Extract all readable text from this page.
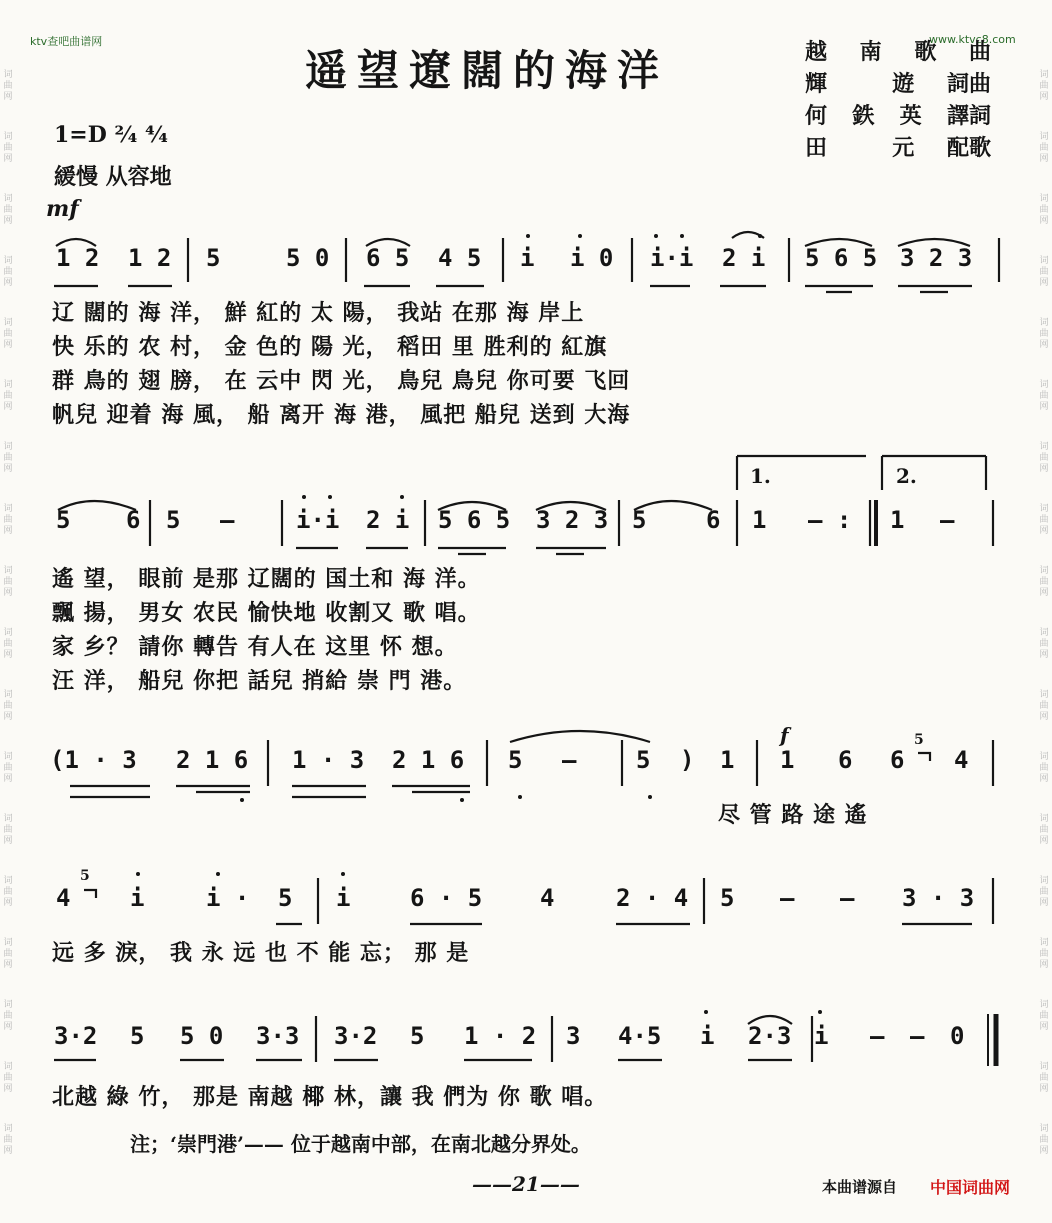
ktv查吧曲谱网	www.ktvc8.com
词
曲
网
词
曲
网
词
曲
网
词
曲
网
词
曲
网
词
曲
网
词
曲
网
词
曲
网
词
曲
网
词
曲
网
词
曲
网
词
曲
网
词
曲
网
词
曲
网
词
曲
网
词
曲
网
词
曲
网
词
曲
网
词
曲
网
词
曲
网
词
曲
网
词
曲
网
词
曲
网
词
曲
网
词
曲
网
词
曲
网
词
曲
网
词
曲
网
词
曲
网
词
曲
网
词
曲
网
词
曲
网
词
曲
网
词
曲
网
词
曲
网
词
曲
网
遥望遼闊的海洋	越 南 歌 曲
輝	遊 詞曲
何 鉄 英 譯詞
田	元 配歌
1=D ²⁄₄ ⁴⁄₄
緩慢 从容地
mf
f
1 2 1 2 5	5 0 6 5 4 5 i i 0 i·i 2 i 5 6 5 3 2 3
5 6 5 —	i·i 2 i 5 6 5 3 2 3 5 6 1 — : 1 —
(1 · 3 2 1 6 1 · 3 2 1 6 5 — 5 ) 1 1 6 6 4
4 i	i · 5 i 6 · 5 4	2 · 4 5 — — 3 · 3
3·2 5 5 0 3·3 3·2 5 1 · 2 3 4·5 i 2·3 i — — 0
1.	2.
5
5
辽 闊的 海 洋， 鮮 紅的 太 陽， 我站 在那 海 岸上
快 乐的 农 村， 金 色的 陽 光， 稻田 里 胜利的 紅旗
群 鳥的 翅 膀， 在 云中 閃 光， 鳥兒 鳥兒 你可要 飞回
帆兒 迎着 海 風， 船 离开 海 港， 風把 船兒 送到 大海
遙 望， 眼前 是那 辽闊的 国土和 海 洋。
飄 揚， 男女 农民 愉快地 收割又 歌 唱。
家 乡？ 請你 轉告 有人在 这里 怀 想。
汪 洋， 船兒 你把 話兒 捎給 崇 門 港。
尽 管 路 途 遙
远 多 淚， 我 永 远 也 不 能 忘； 那 是
北越 綠 竹， 那是 南越 椰 林，讓 我 們为 你 歌 唱。
注；‘崇門港’—— 位于越南中部，在南北越分界处。
——21——	本曲谱源自 中国词曲网
